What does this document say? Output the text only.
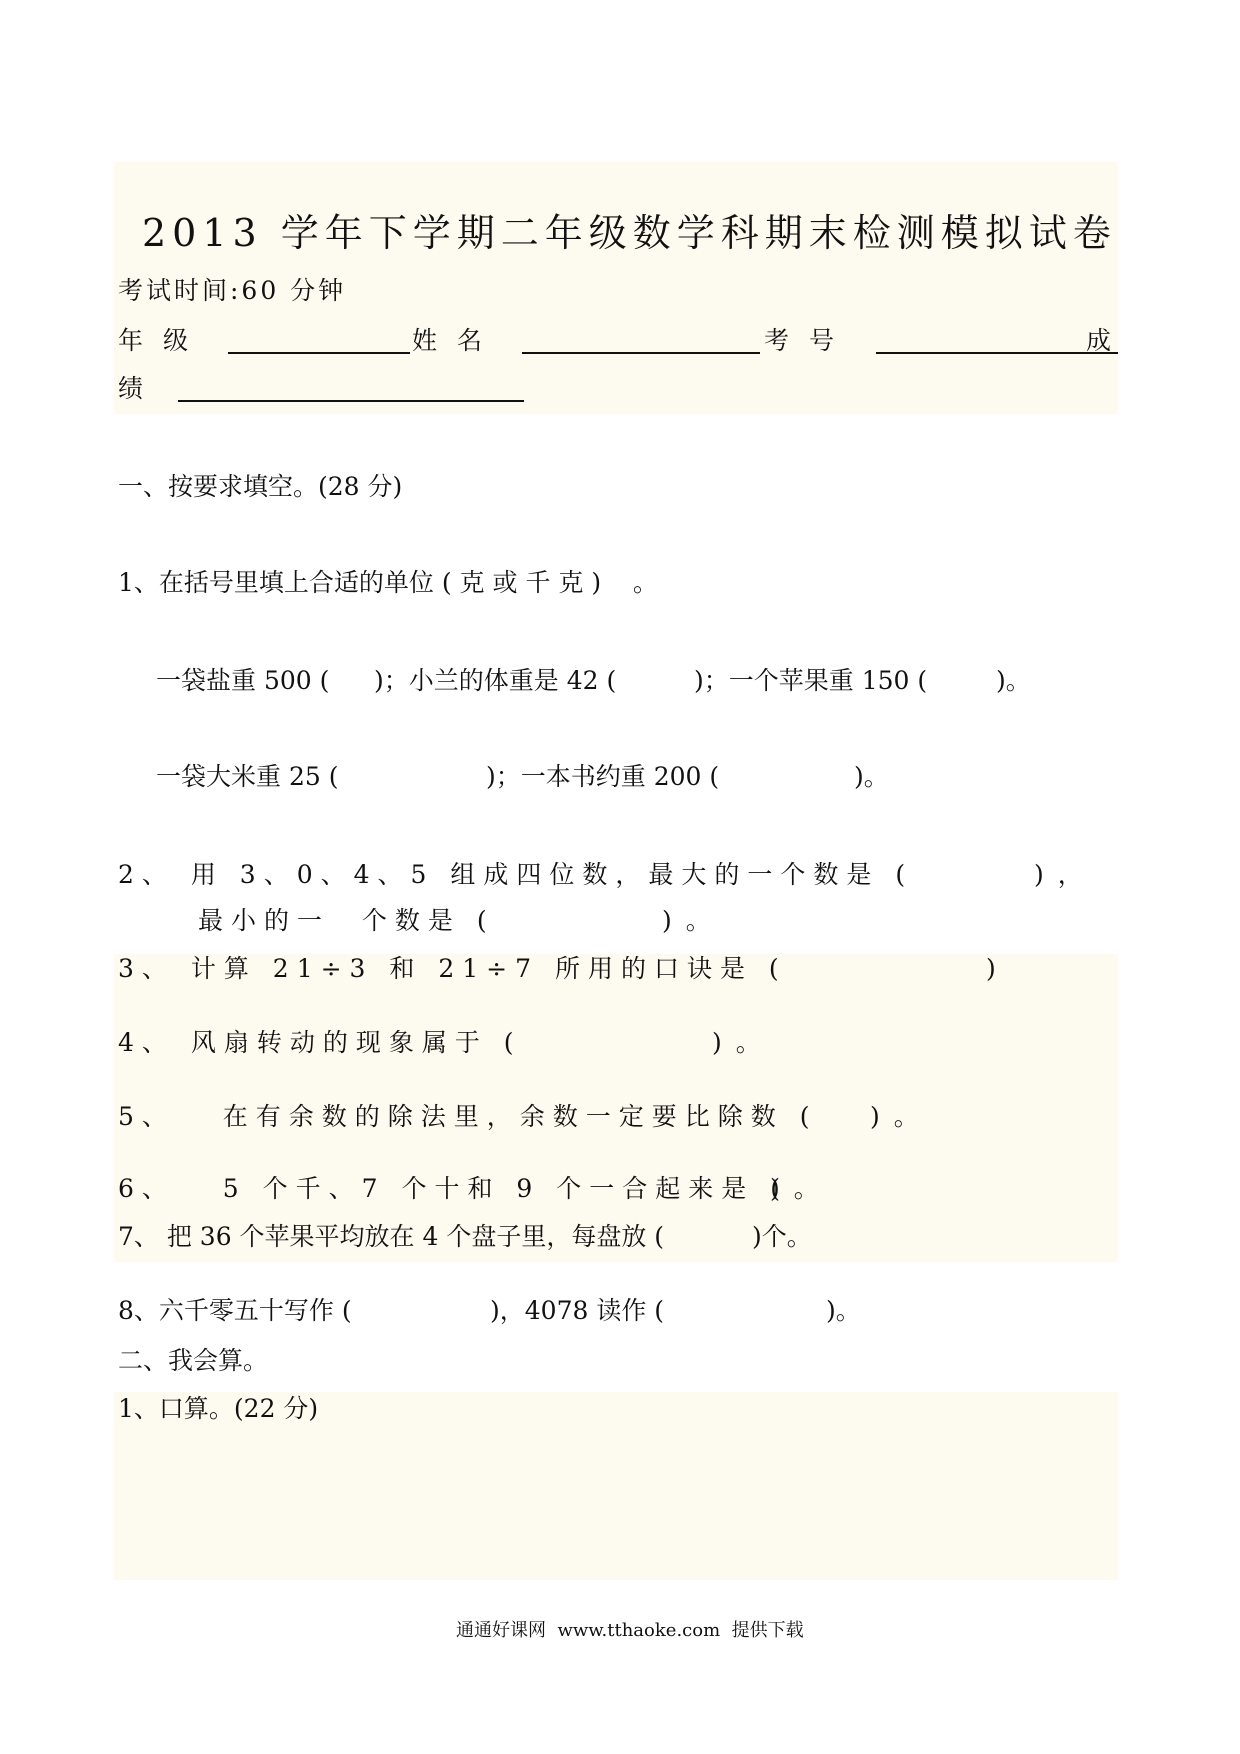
2013 学年下学期二年级数学科期末检测模拟试卷
考试时间:60 分钟
年 级	姓 名	考 号	成
绩
一、按要求填空。(28 分)
1、在括号里填上合适的单位 ( 克 或 千 克 )    。
一袋盐重 500 ( )；小兰的体重是 42 (	)；一个苹果重 150 (	)。
一袋大米重 25 (	)；一本书约重 200 (	)。
2、 用 3、0、4、5 组成四位数，最大的一个数是 (	)，
最小的一  个数是 (	)。
3、 计算 21÷3 和 21÷7 所用的口诀是 (	)
4、 风扇转动的现象属于 (	)。
5、   在有余数的除法里，余数一定要比除数 ( )。
6、   5 个千、7 个十和 9 个一合起来是 (
)。
7、 把 36 个苹果平均放在 4 个盘子里，每盘放 (	)个。
8、六千零五十写作 (	)，4078 读作 (	)。
二、我会算。
1、口算。(22 分)
通通好课网  www.tthaoke.com  提供下载
